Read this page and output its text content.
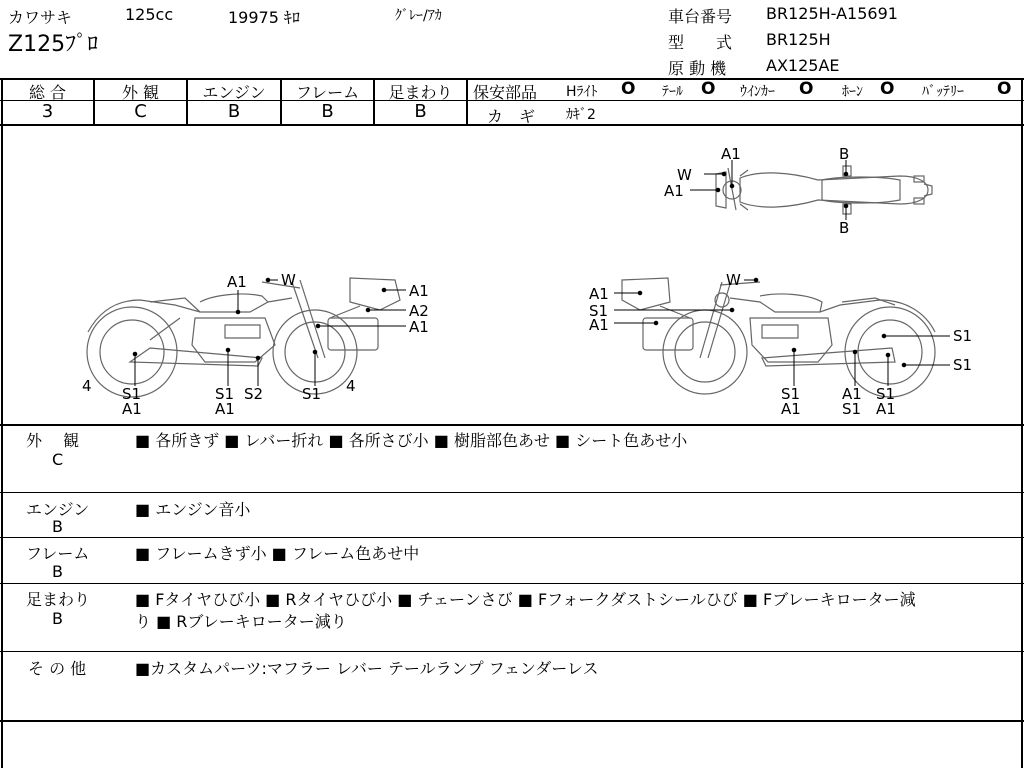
カワサキ	125cc	19975 ｷﾛ	ｸﾞﾚｰ/ｱｶ
Z125ﾌﾟﾛ
車台番号 BR125H-A15691
型　　式 BR125H
原 動 機 AX125AE
総 合	外 観	エンジン	フレーム	足まわり
3	C	B	B	B
保安部品 Hﾗｲﾄ O ﾃｰﾙ O ｳｲﾝｶｰ O ﾎｰﾝ O ﾊﾞｯﾃﾘｰ O
カ　ギ ｶｷﾞ2
W
A1
A1
B
B
A1 W
A1
A2
A1
4 S1
A1
S1 S2
A1
S1 4
A1
W
S1
A1
S1
S1
S1
A1
A1
S1
S1
A1
外　 観
C
■ 各所きず ■ レバー折れ ■ 各所さび小 ■ 樹脂部色あせ ■ シート色あせ小
エンジン
B
■ エンジン音小
フレーム
B
■ フレームきず小 ■ フレーム色あせ中
足まわり
B
■ Fタイヤひび小 ■ Rタイヤひび小 ■ チェーンさび ■ Fフォークダストシールひび ■ Fブレーキローター減
り ■ Rブレーキローター減り
そ の 他	■カスタムパーツ:マフラー レバー テールランプ フェンダーレス
